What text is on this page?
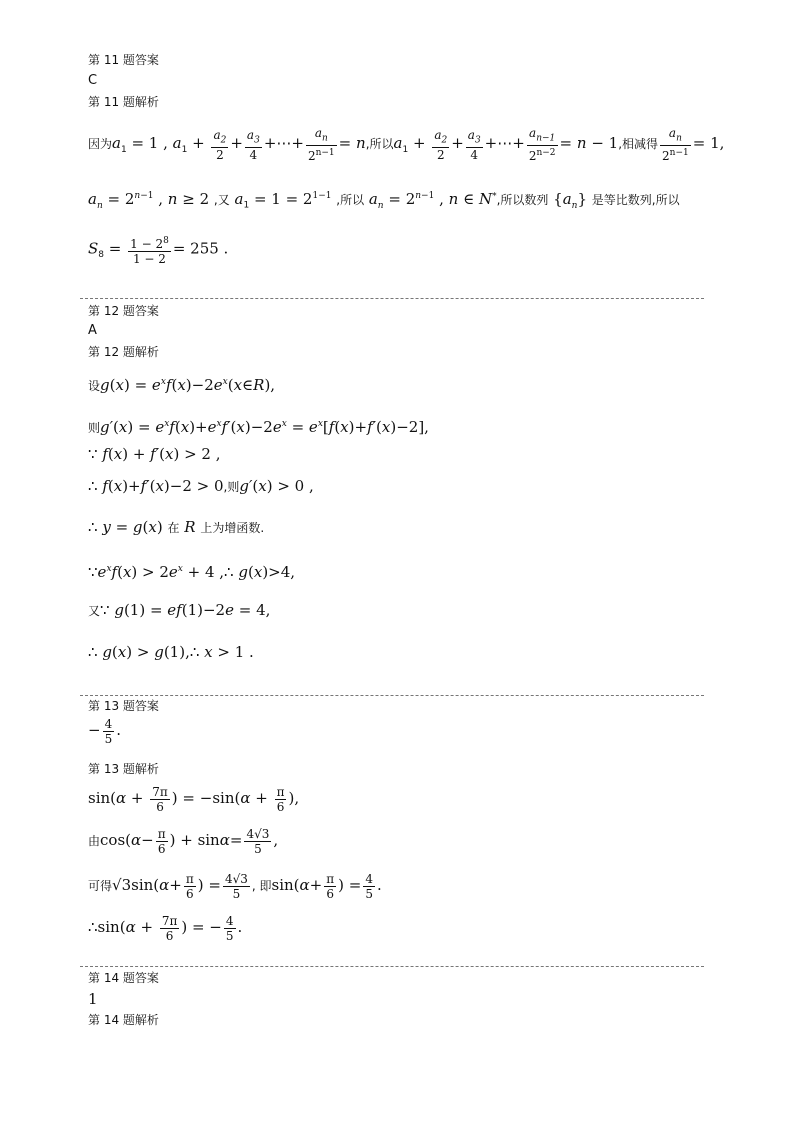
第 11 题答案
C
第 11 题解析
因为$a_1 = 1$ , $a_1 + \frac{a_2}{2} + \frac{a_3}{4}$ +⋯+ $\frac{a_n}{2^{n-1}} = n$,所以$a_1 + \frac{a_2}{2} + \frac{a_3}{4}$ +⋯+ $\frac{a_{n-1}}{2^{n-2}} = n - 1$,相减得 $\frac{a_n}{2^{n-1}} = 1$,
$a_n = 2^{n-1}$ , n ≥ 2 ,又 $a_1 = 1 = 2^{1-1}$ ,所以 $a_n = 2^{n-1}$ , n ∈ N*,所以数列 $\{a_n\}$ 是等比数列,所以
$S_8 = \frac{1 - 2^8}{1 - 2} = 255$ .
第 12 题答案
A
第 12 题解析
设$g(x) = e^xf(x)-2e^x(x\in R)$,
则$g'(x) = e^xf(x)+e^xf'(x)-2e^x = e^x[f(x)+f'(x)-2]$,
∵ f(x) + f′(x) > 2 ,
∴ f(x)+f′(x)−2 > 0,则g′(x) > 0 ,
∴ y = g(x) 在 R 上为增函数.
$\because e^xf(x) > 2e^x + 4$ ,∴ g(x)>4,
又∵ g(1) = ef(1)−2e = 4,
∴ g(x) > g(1),∴ x > 1 .
第 13 题答案
− $\frac{4}{5}$ .
第 13 题解析
$\sin(\alpha + \frac{7\pi}{6}$ ) = $-\sin(\alpha + \frac{\pi}{6}$ ),
由$\cos(\alpha- \frac{\pi}{6}$ ) + $\sin\alpha= \frac{4√3}{5}$ ,
可得$√3\sin(\alpha+ \frac{\pi}{6}$ ) = $\frac{4√3}{5}$ , 即$\sin(\alpha+ \frac{\pi}{6}$ ) = $\frac{4}{5}$ .
∴sin(α + $\frac{7\pi}{6}$ ) = − $\frac{4}{5}$ .
第 14 题答案
1
第 14 题解析
